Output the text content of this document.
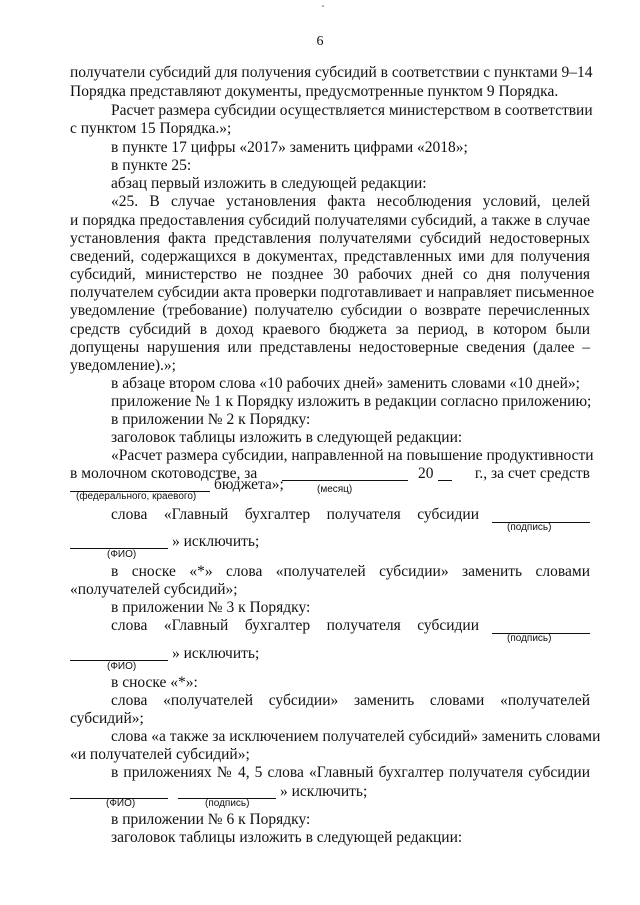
6
получатели субсидий для получения субсидий в соответствии с пунктами 9–14
Порядка представляют документы, предусмотренные пунктом 9 Порядка.
Расчет размера субсидии осуществляется министерством в соответствии
с пунктом 15 Порядка.»;
в пункте 17 цифры «2017» заменить цифрами «2018»;
в пункте 25:
абзац первый изложить в следующей редакции:
«25. В случае установления факта несоблюдения условий, целей
и порядка предоставления субсидий получателями субсидий, а также в случае
установления факта представления получателями субсидий недостоверных
сведений, содержащихся в документах, представленных ими для получения
субсидий, министерство не позднее 30 рабочих дней со дня получения
получателем субсидии акта проверки подготавливает и направляет письменное
уведомление (требование) получателю субсидии о возврате перечисленных
средств субсидий в доход краевого бюджета за период, в котором были
допущены нарушения или представлены недостоверные сведения (далее –
уведомление).»;
в абзаце втором слова «10 рабочих дней» заменить словами «10 дней»;
приложение № 1 к Порядку изложить в редакции согласно приложению;
в приложении № 2 к Порядку:
заголовок таблицы изложить в следующей редакции:
«Расчет размера субсидии, направленной на повышение продуктивности
в молочном скотоводстве, за	20	г., за счет средств
(месяц)
бюджета»;
(федерального, краевого)
слова «Главный бухгалтер получателя субсидии
(подпись)
» исключить;
(ФИО)
в сноске «*» слова «получателей субсидии» заменить словами
«получателей субсидий»;
в приложении № 3 к Порядку:
слова «Главный бухгалтер получателя субсидии
(подпись)
» исключить;
(ФИО)
в сноске «*»:
слова «получателей субсидии» заменить словами «получателей
субсидий»;
слова «а также за исключением получателей субсидий» заменить словами
«и получателей субсидий»;
в приложениях № 4, 5 слова «Главный бухгалтер получателя субсидии
» исключить;
(ФИО)	(подпись)
в приложении № 6 к Порядку:
заголовок таблицы изложить в следующей редакции:
